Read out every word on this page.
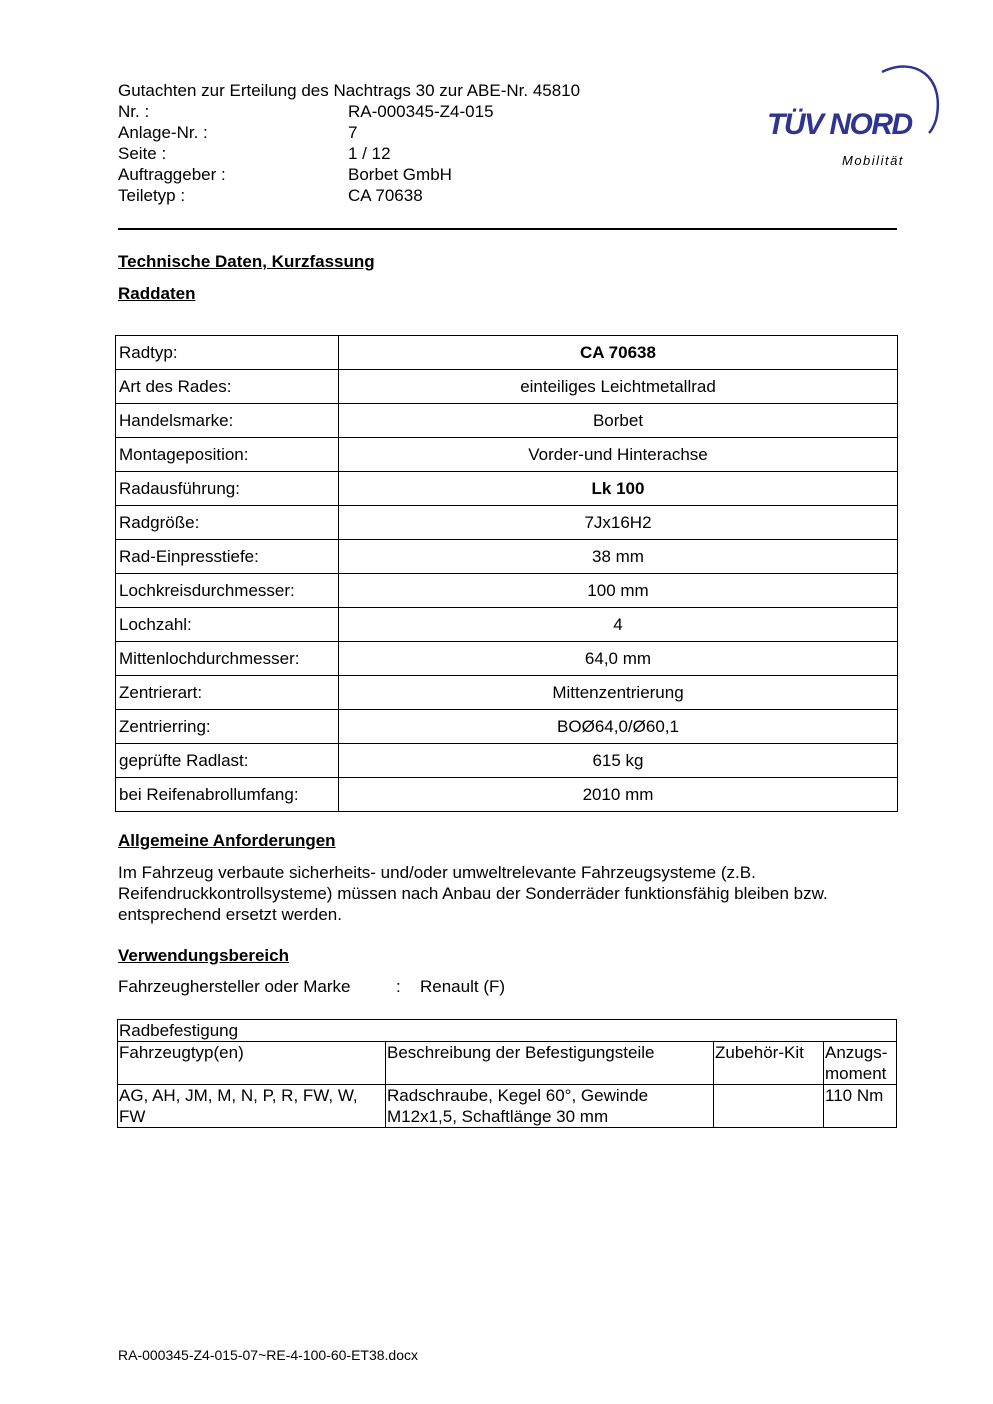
Gutachten zur Erteilung des Nachtrags 30 zur ABE-Nr. 45810
Nr. :	RA-000345-Z4-015
Anlage-Nr. :	7
Seite :	1 / 12
Auftraggeber :	Borbet GmbH
Teiletyp :	CA 70638
TÜV NORD
Mobilität
Technische Daten, Kurzfassung
Raddaten
Radtyp:	CA 70638
Art des Rades:	einteiliges Leichtmetallrad
Handelsmarke:	Borbet
Montageposition:	Vorder-und Hinterachse
Radausführung:	Lk 100
Radgröße:	7Jx16H2
Rad-Einpresstiefe:	38 mm
Lochkreisdurchmesser:	100 mm
Lochzahl:	4
Mittenlochdurchmesser:	64,0 mm
Zentrierart:	Mittenzentrierung
Zentrierring:	BOØ64,0/Ø60,1
geprüfte Radlast:	615 kg
bei Reifenabrollumfang:	2010 mm
Allgemeine Anforderungen
Im Fahrzeug verbaute sicherheits- und/oder umweltrelevante Fahrzeugsysteme (z.B. Reifendruckkontrollsysteme) müssen nach Anbau der Sonderräder funktionsfähig bleiben bzw. entsprechend ersetzt werden.
Verwendungsbereich
Fahrzeughersteller oder Marke	:	Renault (F)
Radbefestigung			
Fahrzeugtyp(en)	Beschreibung der Befestigungsteile	Zubehör-Kit	Anzugs-moment
AG, AH, JM, M, N, P, R, FW, W, FW	Radschraube, Kegel 60°, Gewinde M12x1,5, Schaftlänge 30 mm		110 Nm
RA-000345-Z4-015-07~RE-4-100-60-ET38.docx
